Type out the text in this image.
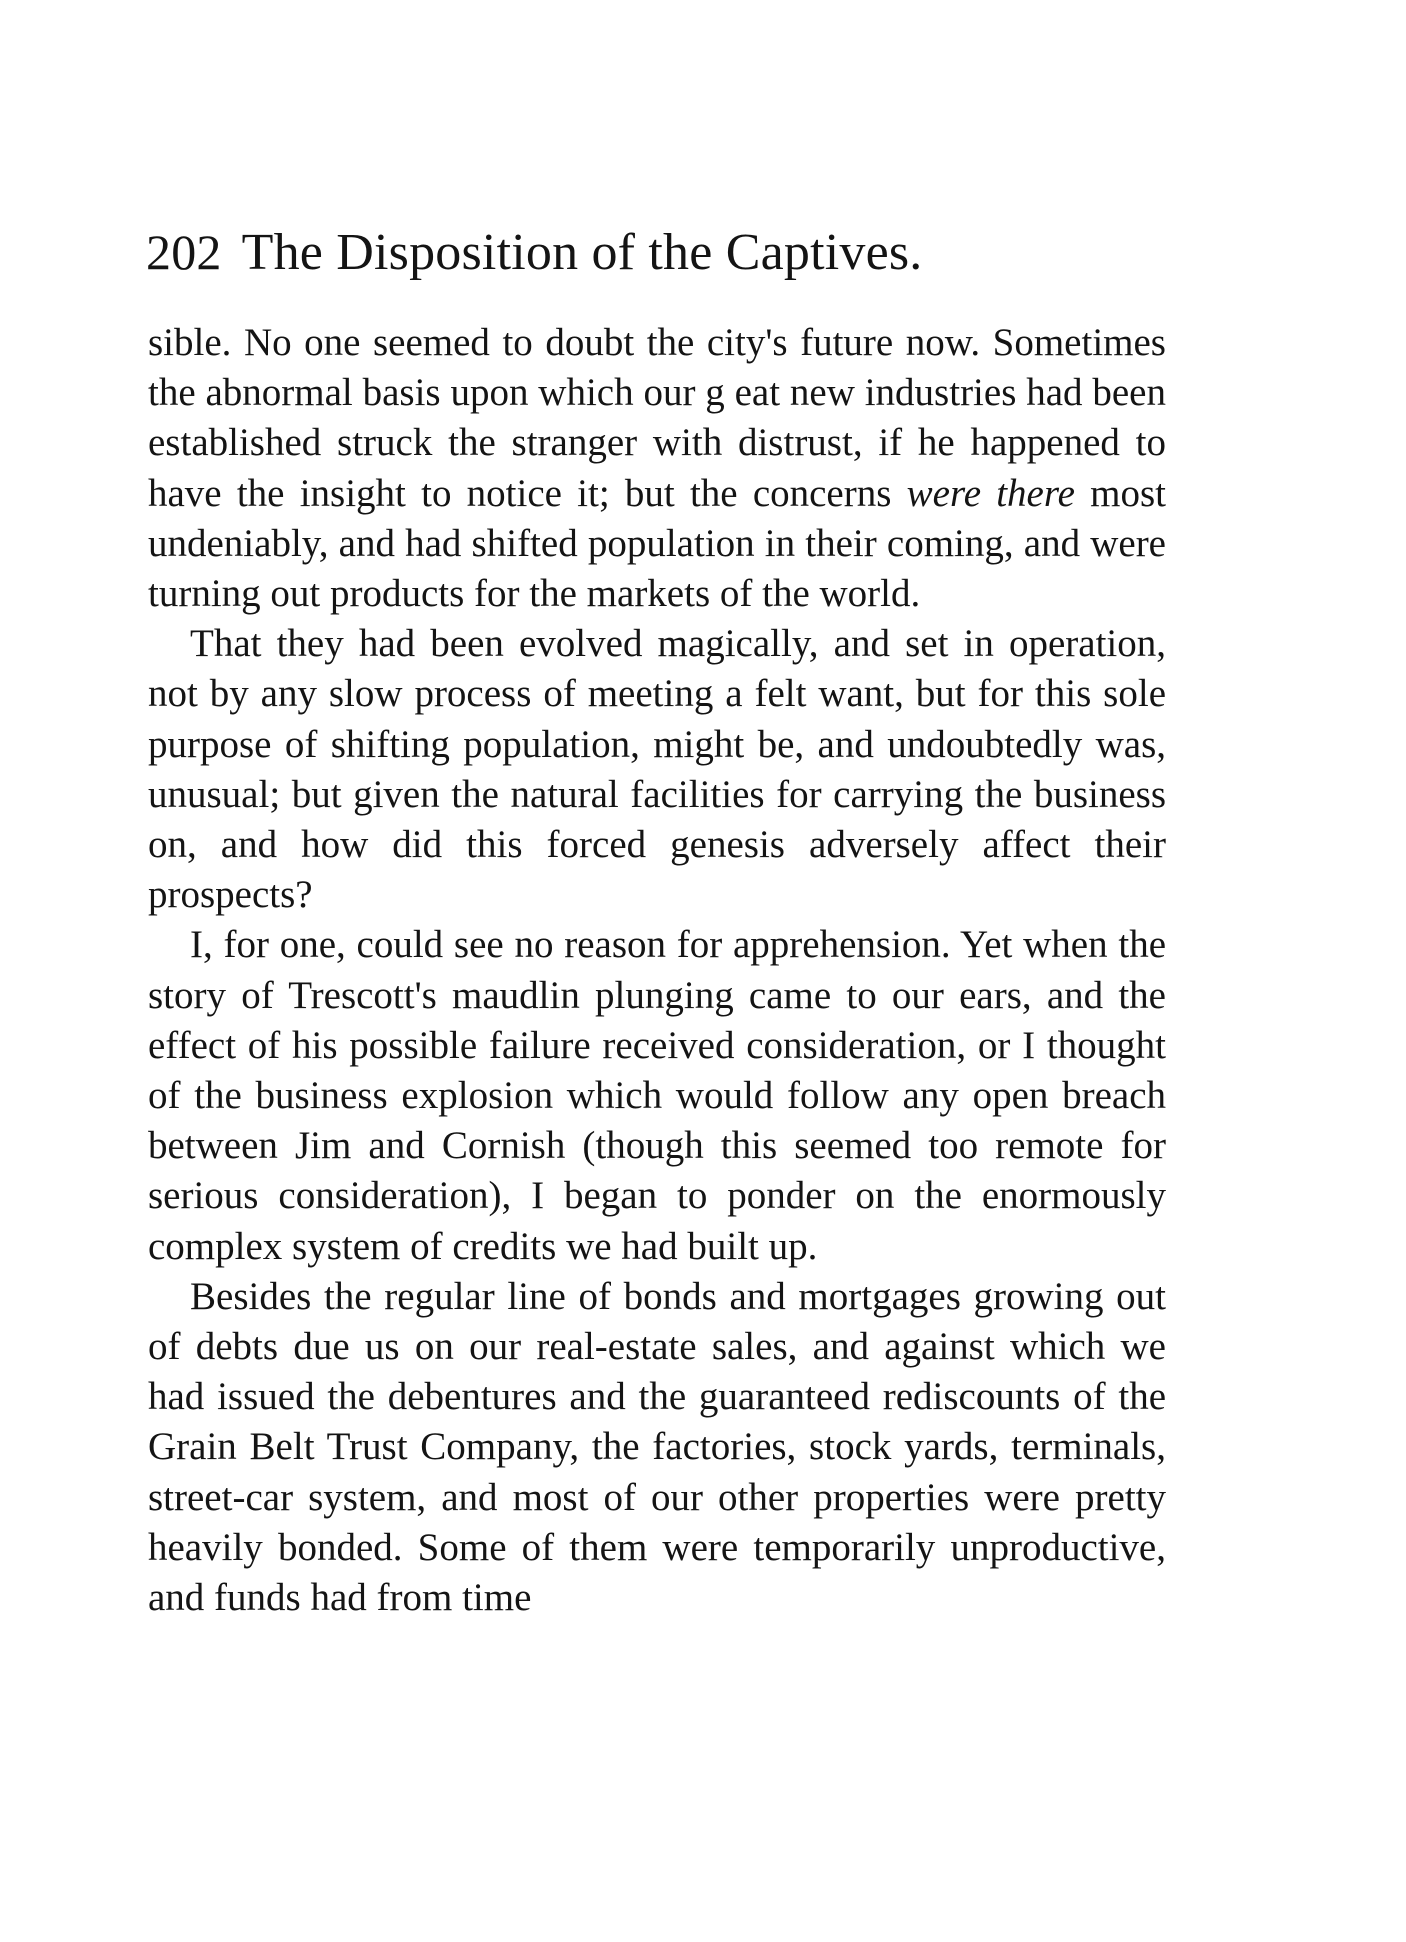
202 The Disposition of the Captives.

sible. No one seemed to doubt the city's future now. Sometimes the abnormal basis upon which our g eat new industries had been established struck the stranger with distrust, if he happened to have the insight to notice it; but the concerns were there most undeniably, and had shifted population in their coming, and were turning out products for the markets of the world.

That they had been evolved magically, and set in operation, not by any slow process of meeting a felt want, but for this sole purpose of shifting population, might be, and undoubtedly was, unusual; but given the natural facilities for carrying the business on, and how did this forced genesis adversely affect their prospects?

I, for one, could see no reason for apprehension. Yet when the story of Trescott's maudlin plunging came to our ears, and the effect of his possible failure received consideration, or I thought of the business explosion which would follow any open breach between Jim and Cornish (though this seemed too remote for serious consideration), I began to ponder on the enormously complex system of credits we had built up.

Besides the regular line of bonds and mortgages growing out of debts due us on our real-estate sales, and against which we had issued the debentures and the guaranteed rediscounts of the Grain Belt Trust Company, the factories, stock yards, terminals, street-car system, and most of our other properties were pretty heavily bonded. Some of them were temporarily unproductive, and funds had from time
